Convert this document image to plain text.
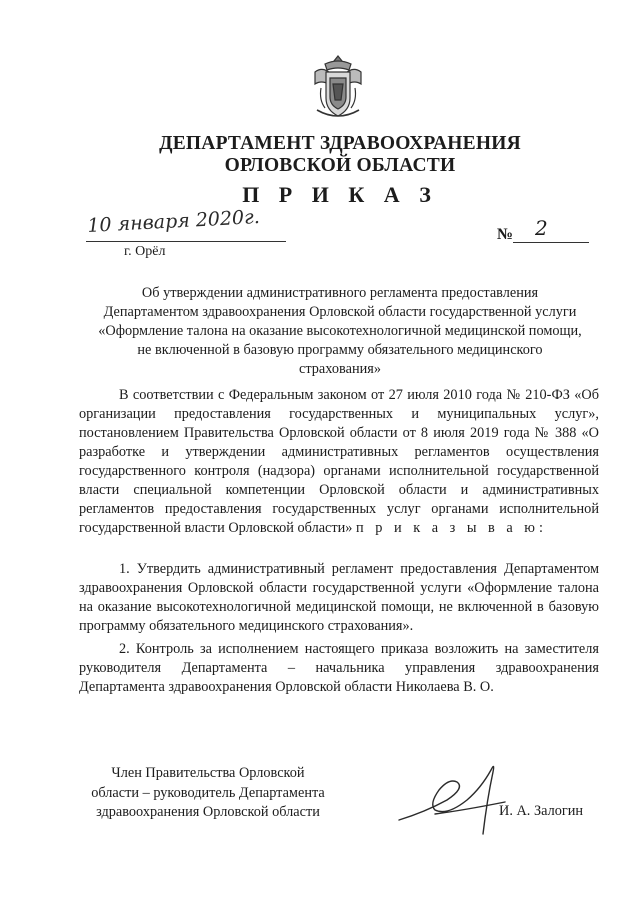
ДЕПАРТАМЕНТ ЗДРАВООХРАНЕНИЯ
ОРЛОВСКОЙ ОБЛАСТИ
П Р И К А З
10 января 2020г.	№ 2
г. Орёл
Об утверждении административного регламента предоставления
Департаментом здравоохранения Орловской области государственной услуги
«Оформление талона на оказание высокотехнологичной медицинской помощи,
не включенной в базовую программу обязательного медицинского
страхования»
В соответствии с Федеральным законом от 27 июля 2010 года № 210-ФЗ «Об организации предоставления государственных и муниципальных услуг», постановлением Правительства Орловской области от 8 июля 2019 года № 388 «О разработке и утверждении административных регламентов осуществления государственного контроля (надзора) органами исполнительной государственной власти специальной компетенции Орловской области и административных регламентов предоставления государственных услуг органами исполнительной государственной власти Орловской области» п р и к а з ы в а ю:
1. Утвердить административный регламент предоставления Департаментом здравоохранения Орловской области государственной услуги «Оформление талона на оказание высокотехнологичной медицинской помощи, не включенной в базовую программу обязательного медицинского страхования».
2. Контроль за исполнением настоящего приказа возложить на заместителя руководителя Департамента – начальника управления здравоохранения Департамента здравоохранения Орловской области Николаева В. О.
Член Правительства Орловской
области – руководитель Департамента
здравоохранения Орловской области	И. А. Залогин
